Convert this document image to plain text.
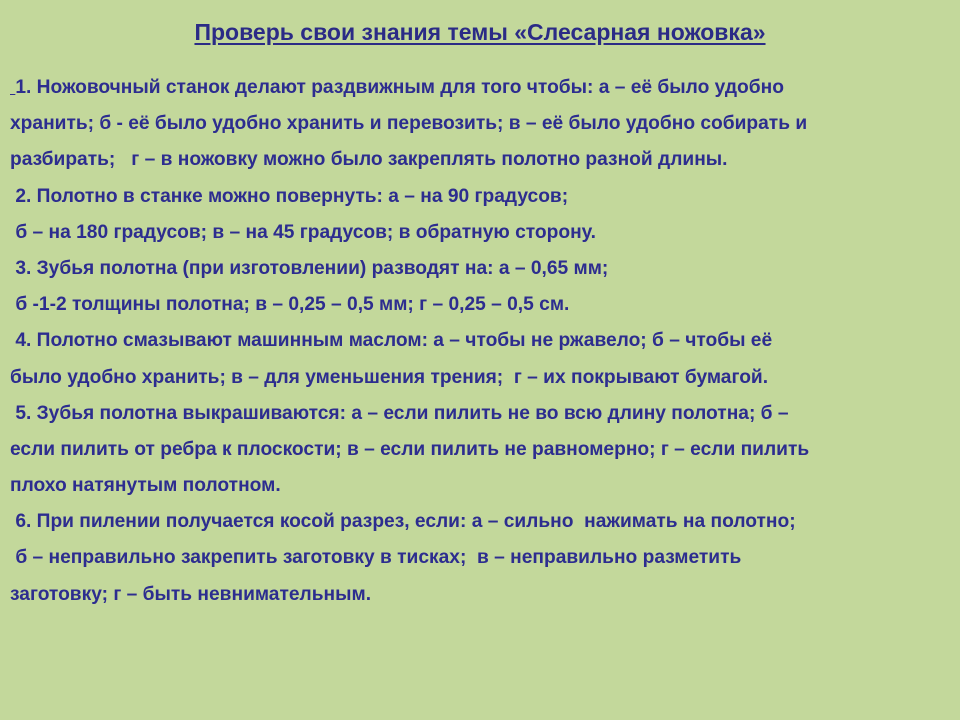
Проверь свои знания темы «Слесарная ножовка»
1. Ножовочный станок делают раздвижным для того чтобы: а – её было удобно
хранить; б - её было удобно хранить и перевозить; в – её было удобно собирать и
разбирать;   г – в ножовку можно было закреплять полотно разной длины.
2. Полотно в станке можно повернуть: а – на 90 градусов;
б – на 180 градусов; в – на 45 градусов; в обратную сторону.
3. Зубья полотна (при изготовлении) разводят на: а – 0,65 мм;
б -1-2 толщины полотна; в – 0,25 – 0,5 мм; г – 0,25 – 0,5 см.
4. Полотно смазывают машинным маслом: а – чтобы не ржавело; б – чтобы её
было удобно хранить; в – для уменьшения трения;  г – их покрывают бумагой.
5. Зубья полотна выкрашиваются: а – если пилить не во всю длину полотна; б –
если пилить от ребра к плоскости; в – если пилить не равномерно; г – если пилить
плохо натянутым полотном.
6. При пилении получается косой разрез, если: а – сильно  нажимать на полотно;
б – неправильно закрепить заготовку в тисках;  в – неправильно разметить
заготовку; г – быть невнимательным.
